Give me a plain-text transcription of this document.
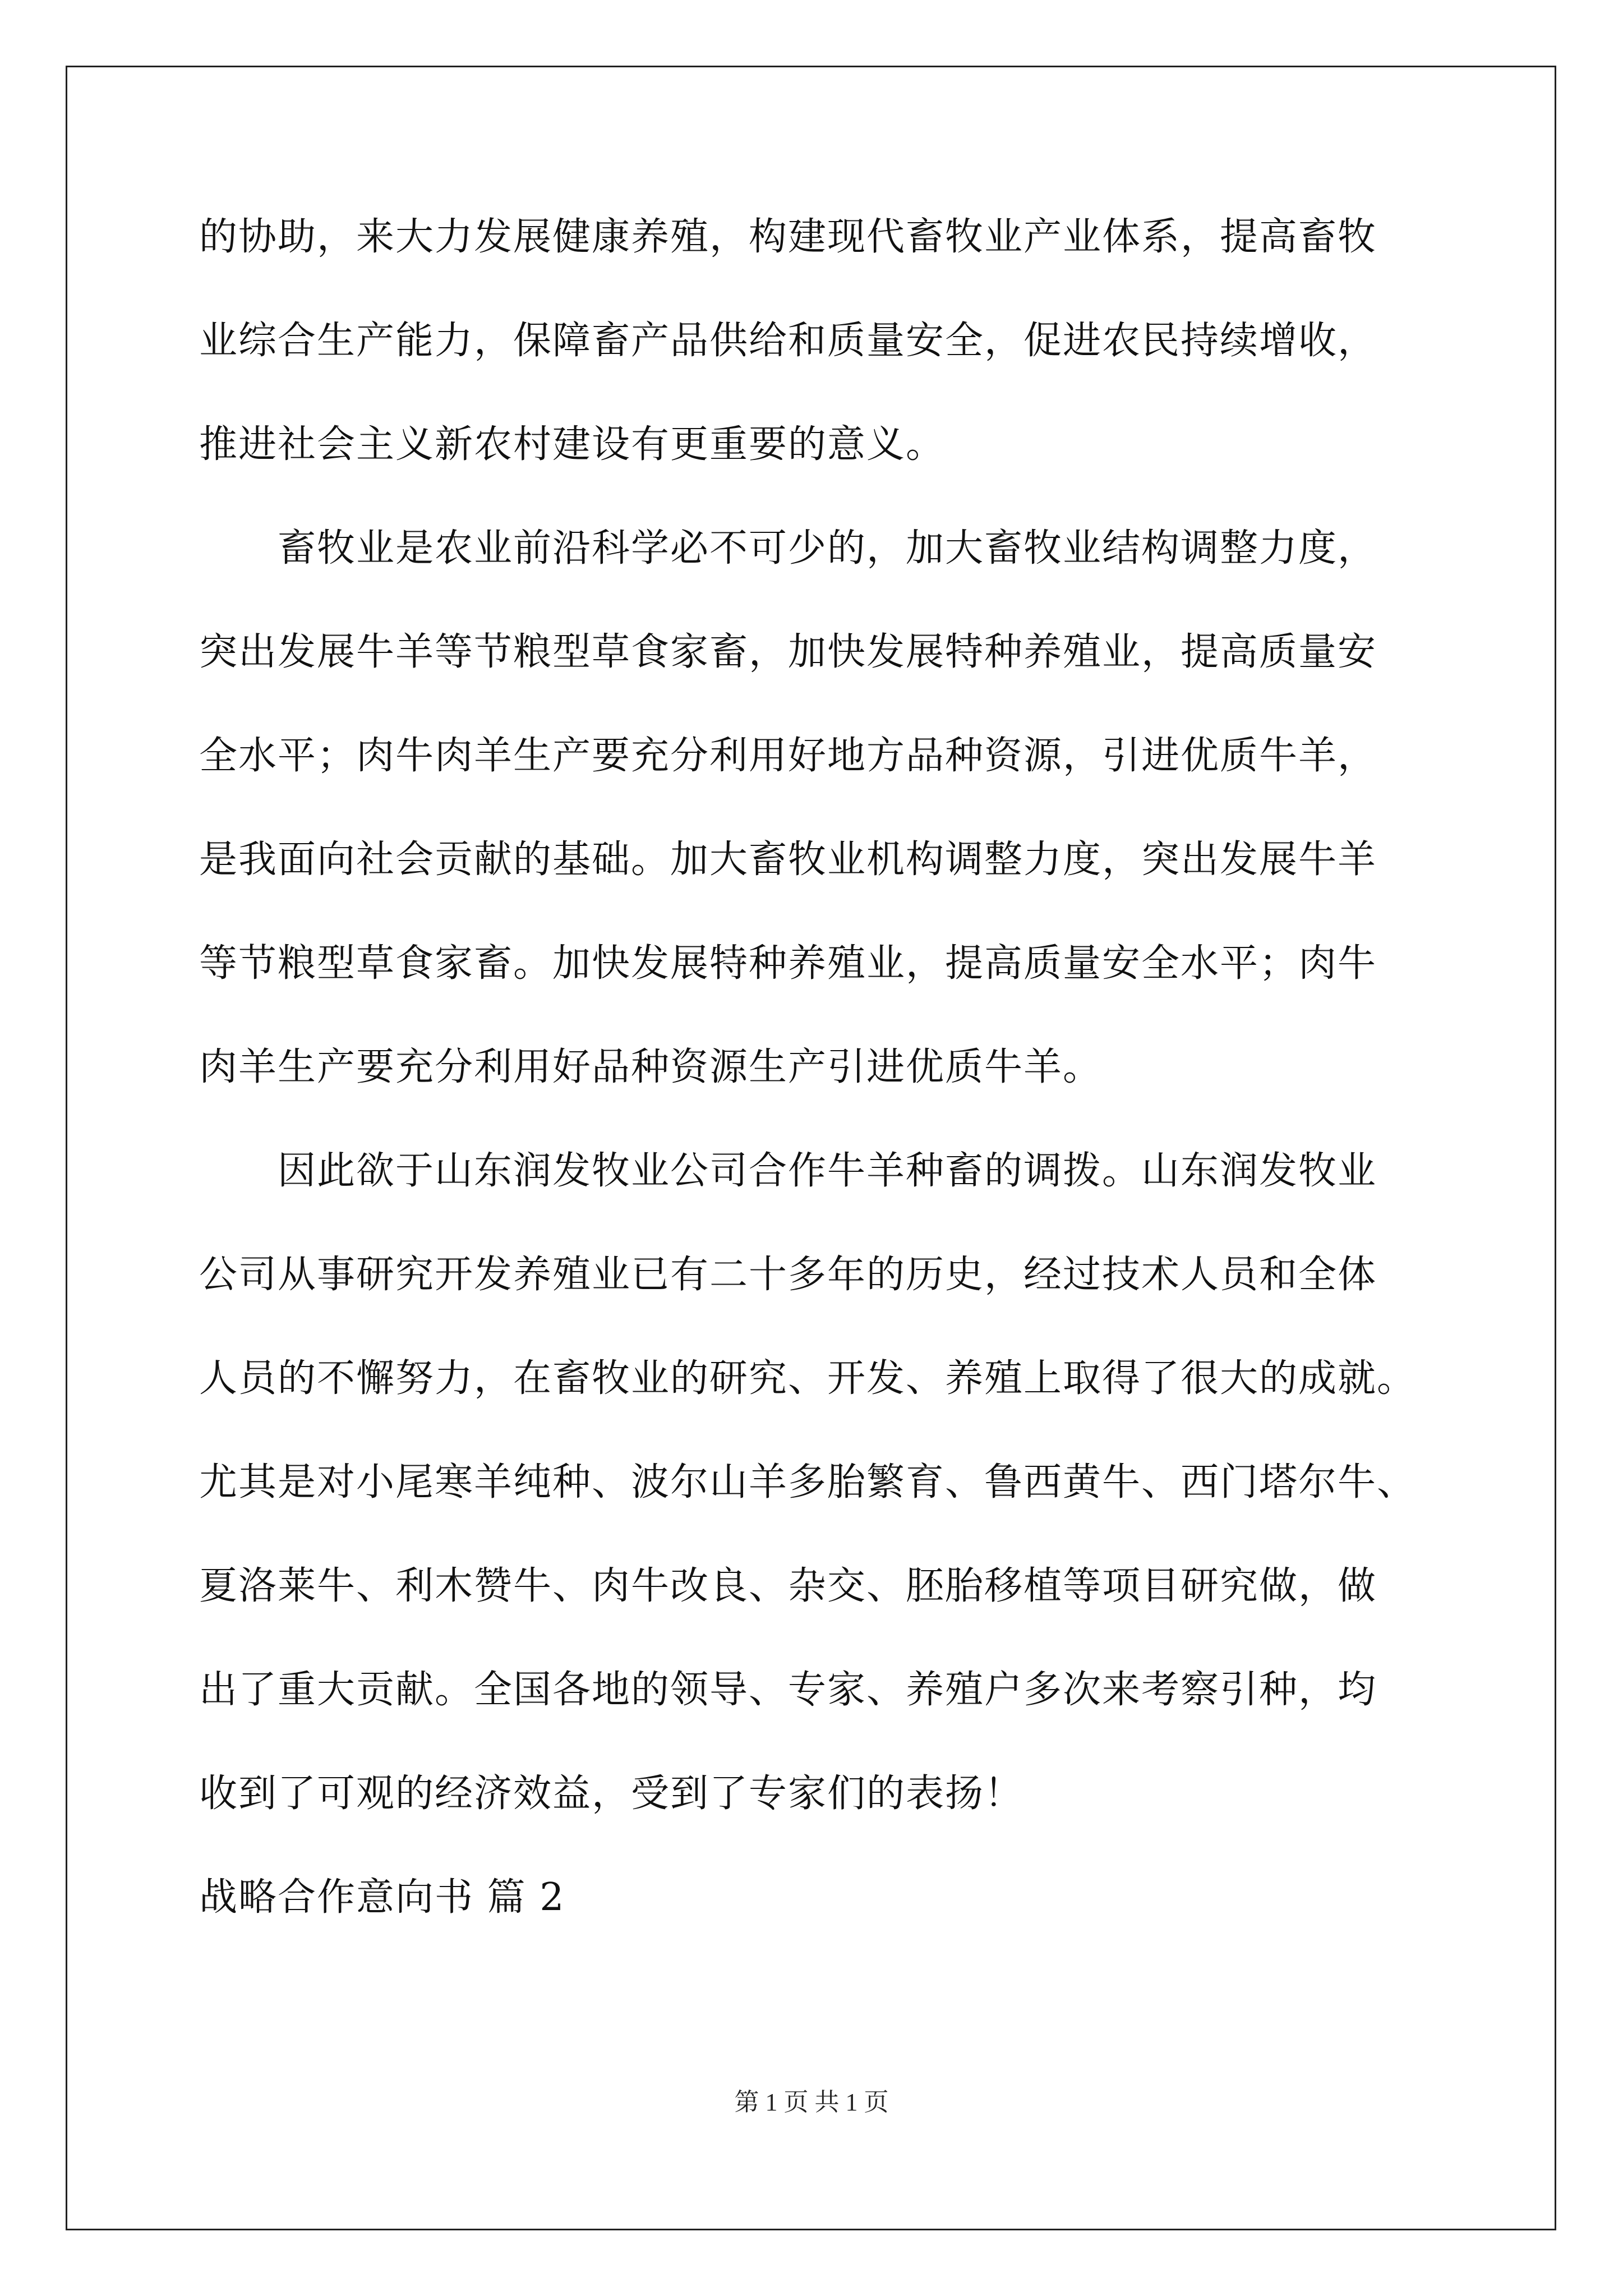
的协助，来大力发展健康养殖，构建现代畜牧业产业体系，提高畜牧
业综合生产能力，保障畜产品供给和质量安全，促进农民持续增收，
推进社会主义新农村建设有更重要的意义。
　　畜牧业是农业前沿科学必不可少的，加大畜牧业结构调整力度，
突出发展牛羊等节粮型草食家畜，加快发展特种养殖业，提高质量安
全水平；肉牛肉羊生产要充分利用好地方品种资源，引进优质牛羊，
是我面向社会贡献的基础。加大畜牧业机构调整力度，突出发展牛羊
等节粮型草食家畜。加快发展特种养殖业，提高质量安全水平；肉牛
肉羊生产要充分利用好品种资源生产引进优质牛羊。
　　因此欲于山东润发牧业公司合作牛羊种畜的调拨。山东润发牧业
公司从事研究开发养殖业已有二十多年的历史，经过技术人员和全体
人员的不懈努力，在畜牧业的研究、开发、养殖上取得了很大的成就。
尤其是对小尾寒羊纯种、波尔山羊多胎繁育、鲁西黄牛、西门塔尔牛、
夏洛莱牛、利木赞牛、肉牛改良、杂交、胚胎移植等项目研究做，做
出了重大贡献。全国各地的领导、专家、养殖户多次来考察引种，均
收到了可观的经济效益，受到了专家们的表扬！
战略合作意向书 篇 2
第 1 页 共 1 页
